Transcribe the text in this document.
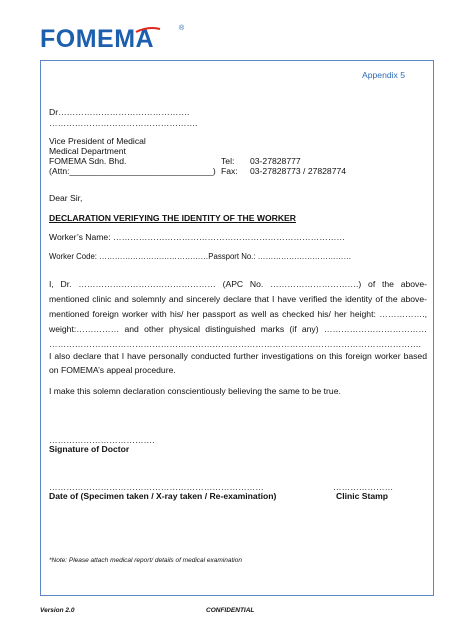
FOMEMA	®
Appendix 5
Dr……………………………………….
…………………………………………….
Vice President of Medical
Medical Department
FOMEMA Sdn. Bhd.
(Attn:______________________________)
Tel: 03-27828777
Fax: 03-27828773 / 27828774
Dear Sir,
DECLARATION VERIFYING THE IDENTITY OF THE WORKER
Worker’s Name: ………………………………………………………………………
Worker Code: ……………………………………Passport No.: ………………………………
I, Dr. ………………………………………… (APC No. ………………………….) of the above-
mentioned clinic and solemnly and sincerely declare that I have verified the identity of the above-
mentioned foreign worker with his/ her passport as well as checked his/ her height: …………….,
weight:…………… and other physical distinguished marks (if any) ………………………………
………………………………………………………………………………………………………………….
I also declare that I have personally conducted further investigations on this foreign worker based
on FOMEMA’s appeal procedure.
I make this solemn declaration conscientiously believing the same to be true.
……………………………….
Signature of Doctor
…………………………………………………………………	…………………
Date of (Specimen taken / X-ray taken / Re-examination)	Clinic Stamp
*Note: Please attach medical report/ details of medical examination
Version 2.0	CONFIDENTIAL
